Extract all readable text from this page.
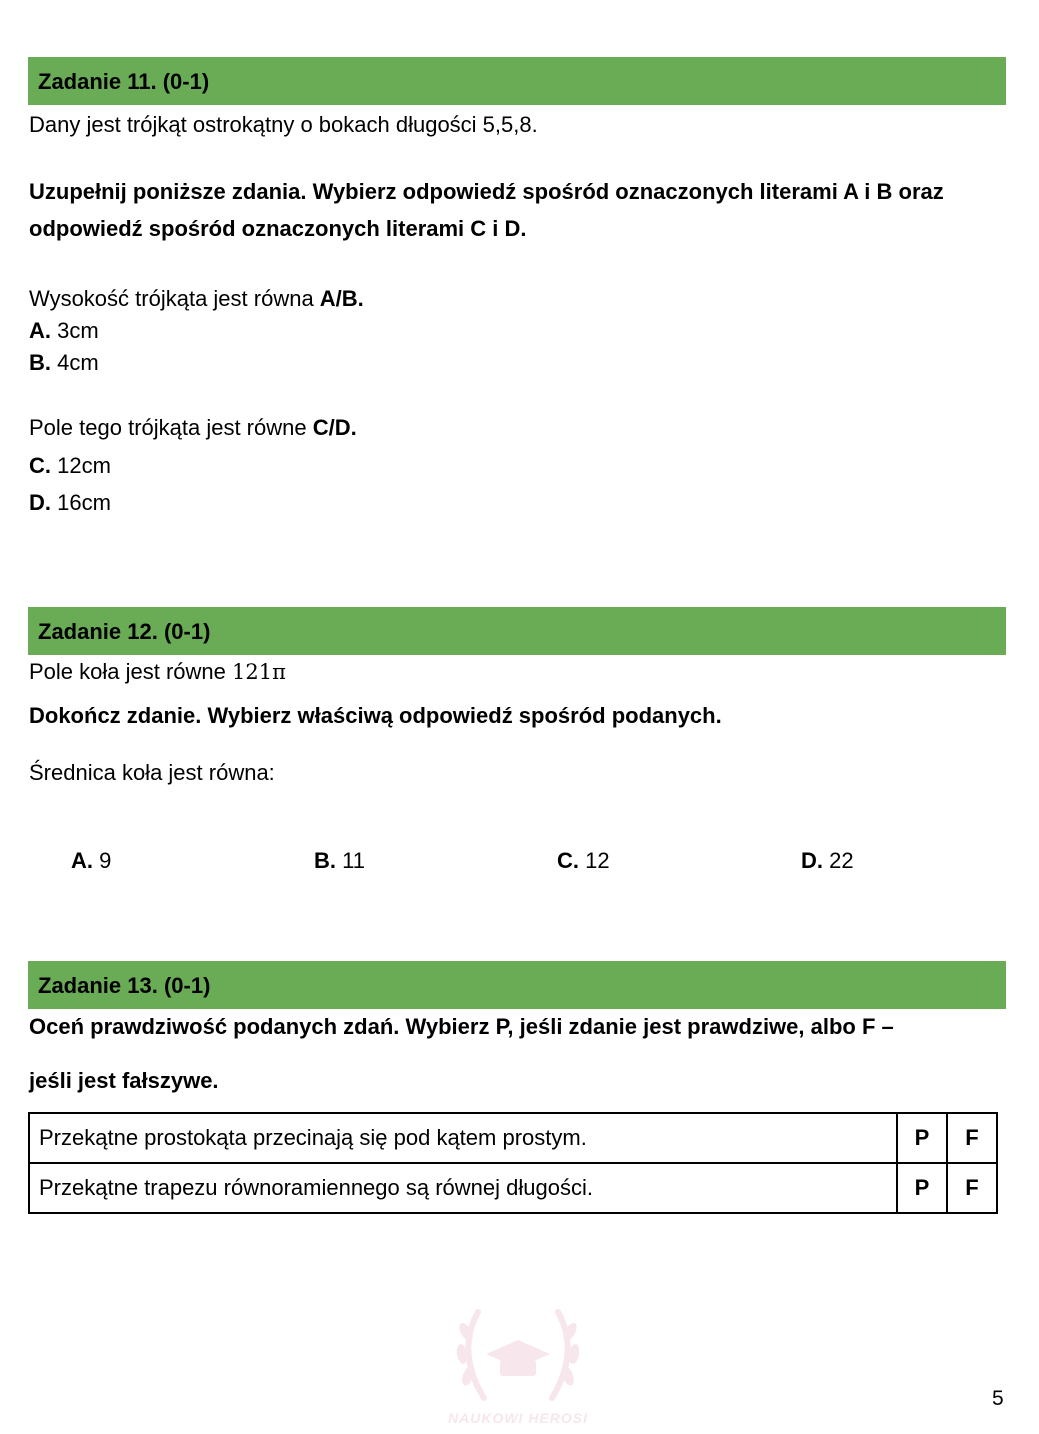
Zadanie 11. (0-1)
Dany jest trójkąt ostrokątny o bokach długości 5,5,8.
Uzupełnij poniższe zdania. Wybierz odpowiedź spośród oznaczonych literami A i B oraz
odpowiedź spośród oznaczonych literami C i D.
Wysokość trójkąta jest równa A/B.
A. 3cm
B. 4cm
Pole tego trójkąta jest równe C/D.
C. 12cm
D. 16cm
Zadanie 12. (0-1)
Pole koła jest równe 121π
Dokończ zdanie. Wybierz właściwą odpowiedź spośród podanych.
Średnica koła jest równa:
A. 9	B. 11	C. 12	D. 22
Zadanie 13. (0-1)
Oceń prawdziwość podanych zdań. Wybierz P, jeśli zdanie jest prawdziwe, albo F –
jeśli jest fałszywe.
Przekątne prostokąta przecinają się pod kątem prostym.	P	F
Przekątne trapezu równoramiennego są równej długości.	P	F
NAUKOWI HEROSI
5
